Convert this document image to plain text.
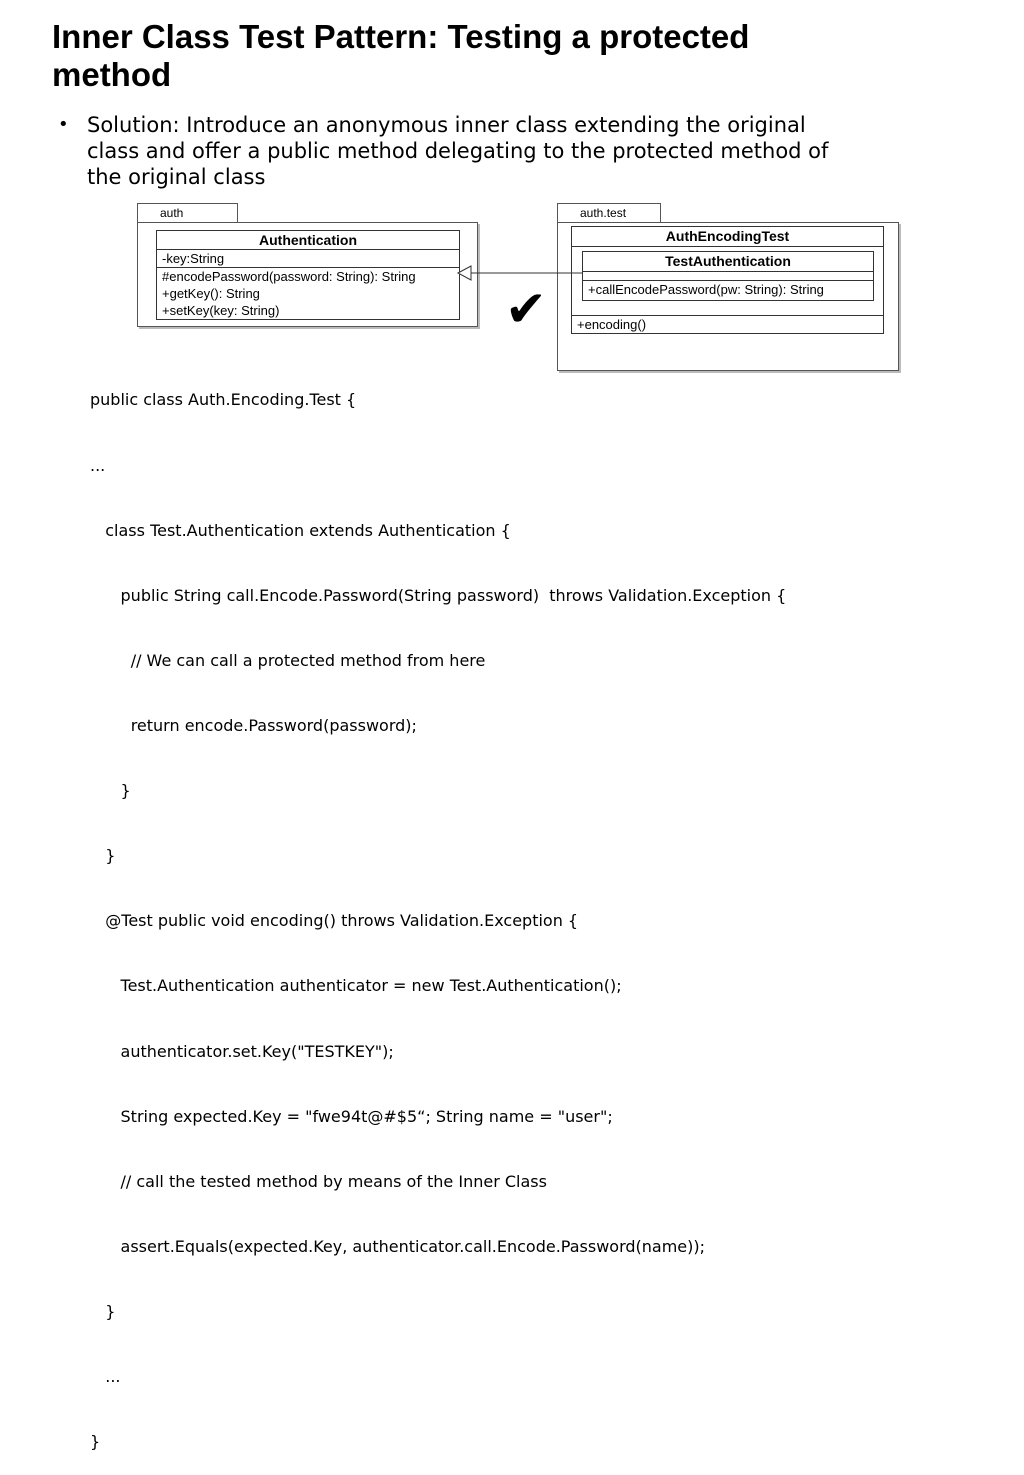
Inner Class Test Pattern: Testing a protected
method
• Solution: Introduce an anonymous inner class extending the original
class and offer a public method delegating to the protected method of
the original class
auth
Authentication
-key:String
#encodePassword(password: String): String
+getKey(): String
+setKey(key: String)
auth.test
AuthEncodingTest
+encoding()
TestAuthentication
+callEncodePassword(pw: String): String
✔

public class Auth.Encoding.Test {

...

class Test.Authentication extends Authentication {

public String call.Encode.Password(String password)  throws Validation.Exception {

// We can call a protected method from here

return encode.Password(password);

}

}

@Test public void encoding() throws Validation.Exception {

Test.Authentication authenticator = new Test.Authentication();

authenticator.set.Key("TESTKEY");

String expected.Key = "fwe94t@#$5“; String name = "user";

// call the tested method by means of the Inner Class

assert.Equals(expected.Key, authenticator.call.Encode.Password(name));

}

...

}
